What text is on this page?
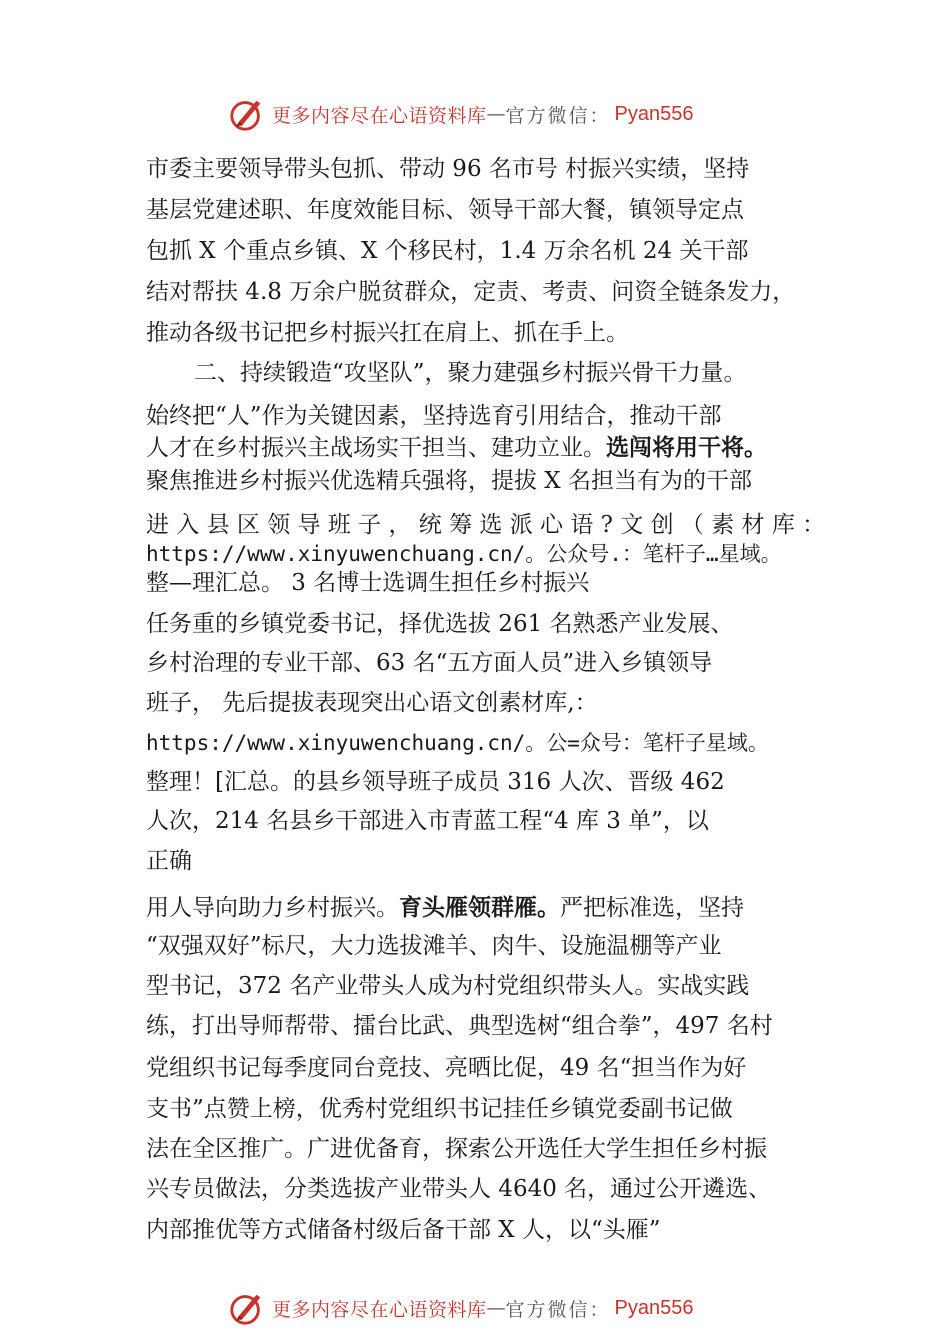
更多内容尽在心语资料库 — 官方微信： Pyan556
市委主要领导带头包抓、带动 96 名市号 村振兴实绩，坚持
基层党建述职、年度效能目标、领导干部大餐，镇领导定点
包抓 X 个重点乡镇、X 个移民村，1.4 万余名机 24 关干部
结对帮扶 4.8 万余户脱贫群众，定责、考责、问资全链条发力，
推动各级书记把乡村振兴扛在肩上、抓在手上。
二、持续锻造“攻坚队”，聚力建强乡村振兴骨干力量。
始终把“人”作为关键因素，坚持选育引用结合，推动干部
人才在乡村振兴主战场实干担当、建功立业。选闯将用干将。
聚焦推进乡村振兴优选精兵强将，提拔 X 名担当有为的干部
进 入 县 区 领 导 班 子 ， 统 筹 选 派 心 语 ? 文 创 （ 素 材 库 ：
https://www.xinyuwenchuang.cn/。公众号.：笔杆子…星域。
整—理汇总。 3 名博士选调生担任乡村振兴
任务重的乡镇党委书记，择优选拔 261 名熟悉产业发展、
乡村治理的专业干部、63 名“五方面人员”进入乡镇领导
班子， 先后提拔表现突出心语文创素材库,：
https://www.xinyuwenchuang.cn/。公=众号：笔杆子星域。
整理！[汇总。的县乡领导班子成员 316 人次、晋级 462
人次，214 名县乡干部进入市青蓝工程“4 库 3 单”，以
正确
用人导向助力乡村振兴。育头雁领群雁。严把标准选，坚持
“双强双好”标尺，大力选拔滩羊、肉牛、设施温棚等产业
型书记，372 名产业带头人成为村党组织带头人。实战实践
练，打出导师帮带、擂台比武、典型选树“组合拳”，497 名村
党组织书记每季度同台竞技、亮晒比促，49 名“担当作为好
支书”点赞上榜，优秀村党组织书记挂任乡镇党委副书记做
法在全区推广。广进优备育，探索公开选任大学生担任乡村振
兴专员做法，分类选拔产业带头人 4640 名，通过公开遴选、
内部推优等方式储备村级后备干部 X 人，以“头雁”
更多内容尽在心语资料库 — 官方微信： Pyan556
